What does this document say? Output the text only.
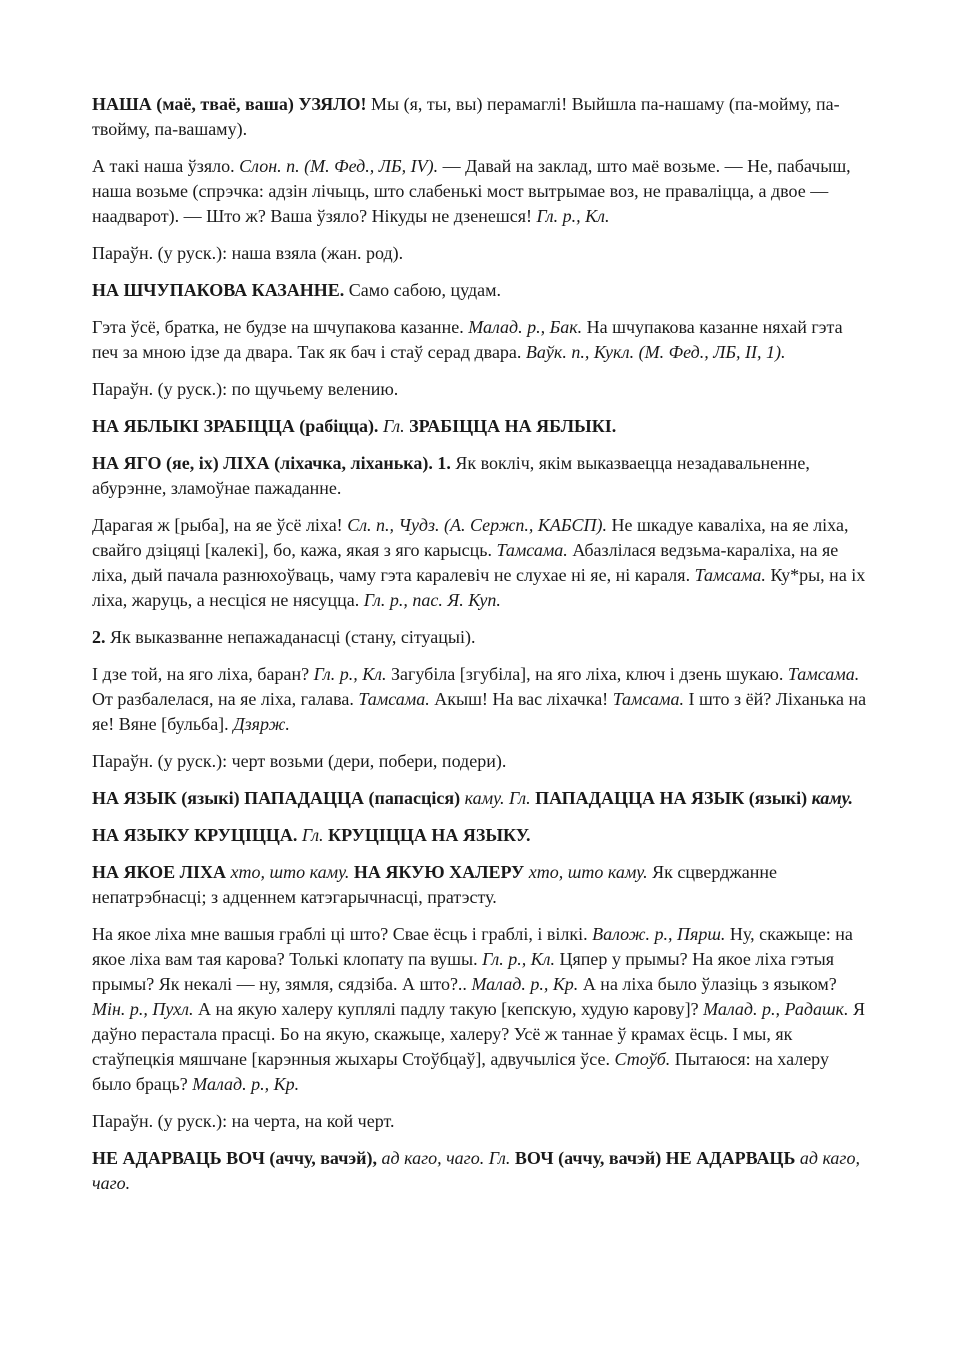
НАША (маё, тваё, ваша) УЗЯЛО! Мы (я, ты, вы) перамаглі! Выйшла па-нашаму (па-мойму, па-твойму, па-вашаму).

А такі наша ўзяло. Слон. п. (М. Фед., ЛБ, IV). — Давай на заклад, што маё возьме. — Не, пабачыш, наша возьме (спрэчка: адзін лічыць, што слабенькі мост вытрымае воз, не праваліцца, а двое — наадварот). — Што ж? Ваша ўзяло? Нікуды не дзенешся! Гл. р., Кл.

Параўн. (у руск.): наша взяла (жан. род).

НА ШЧУПАКОВА КАЗАННЕ. Само сабою, цудам.

Гэта ўсё, братка, не будзе на шчупакова казанне. Малад. р., Бак. На шчупакова казанне няхай гэта печ за мною ідзе да двара. Так як бач і стаў серад двара. Ваўк. п., Кукл. (М. Фед., ЛБ, II, 1).

Параўн. (у руск.): по щучьему велению.

НА ЯБЛЫКІ ЗРАБІЦЦА (рабіцца). Гл. ЗРАБІЦЦА НА ЯБЛЫКІ.

НА ЯГО (яе, іх) ЛІХА (ліхачка, ліханька). 1. Як вокліч, якім выказваецца незадавальненне, абурэнне, зламоўнае пажаданне.

Дарагая ж [рыба], на яе ўсё ліха! Сл. п., Чудз. (А. Сержп., КАБСП). Не шкадуе каваліха, на яе ліха, свайго дзіцяці [калекі], бо, кажа, якая з яго карысць. Тамсама. Абазлілася ведзьма-караліха, на яе ліха, дый пачала разнюхоўваць, чаму гэта каралевіч не слухае ні яе, ні караля. Тамсама. Ку*ры, на іх ліха, жаруць, а несціся не нясуцца. Гл. р., пас. Я. Куп.

2. Як выказванне непажаданасці (стану, сітуацыі).

І дзе той, на яго ліха, баран? Гл. р., Кл. Загубіла [згубіла], на яго ліха, ключ і дзень шукаю. Тамсама. От разбалелася, на яе ліха, галава. Тамсама. Акыш! На вас ліхачка! Тамсама. І што з ёй? Ліханька на яе! Вяне [бульба]. Дзярж.

Параўн. (у руск.): черт возьми (дери, побери, подери).

НА ЯЗЫК (языкі) ПАПАДАЦЦА (папасціся) каму. Гл. ПАПАДАЦЦА НА ЯЗЫК (языкі) каму.

НА ЯЗЫКУ КРУЦІЦЦА. Гл. КРУЦІЦЦА НА ЯЗЫКУ.

НА ЯКОЕ ЛІХА хто, што каму. НА ЯКУЮ ХАЛЕРУ хто, што каму. Як сцверджанне непатрэбнасці; з адценнем катэгарычнасці, пратэсту.

На якое ліха мне вашыя граблі ці што? Свае ёсць і граблі, і вілкі. Валож. р., Пярш. Ну, скажыце: на якое ліха вам тая карова? Толькі клопату па вушы. Гл. р., Кл. Цяпер у прымы? На якое ліха гэтыя прымы? Як некалі — ну, зямля, сядзіба. А што?.. Малад. р., Кр. А на ліха было ўлазіць з языком? Мін. р., Пухл. А на якую халеру куплялі падлу такую [кепскую, худую карову]? Малад. р., Радашк. Я даўно перастала прасці. Бо на якую, скажыце, халеру? Усё ж таннае ў крамах ёсць. І мы, як стаўпецкія мяшчане [карэнныя жыхары Стоўбцаў], адвучыліся ўсе. Стоўб. Пытаюся: на халеру было браць? Малад. р., Кр.

Параўн. (у руск.): на черта, на кой черт.

НЕ АДАРВАЦЬ ВОЧ (аччу, вачэй), ад каго, чаго. Гл. ВОЧ (аччу, вачэй) НЕ АДАРВАЦЬ ад каго, чаго.
